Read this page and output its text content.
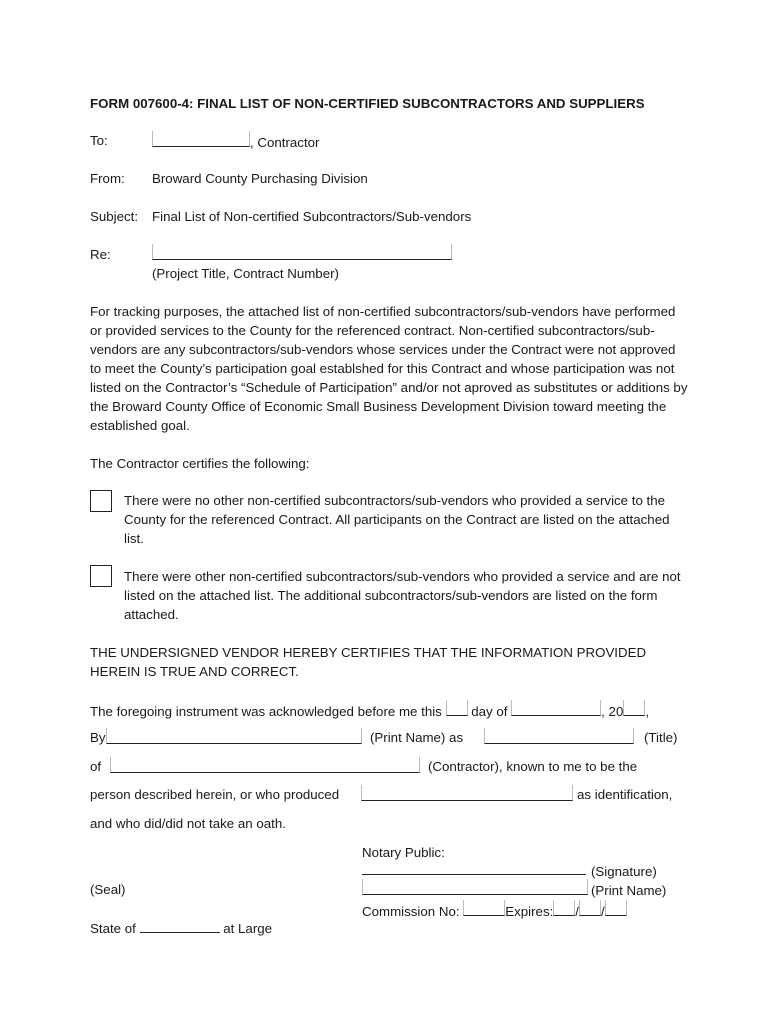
FORM 007600-4: FINAL LIST OF NON-CERTIFIED SUBCONTRACTORS AND SUPPLIERS
To:	, Contractor
From: Broward County Purchasing Division
Subject: Final List of Non-certified Subcontractors/Sub-vendors
Re:
(Project Title, Contract Number)
For tracking purposes, the attached list of non-certified subcontractors/sub-vendors have performed or provided services to the County for the referenced contract. Non-certified subcontractors/sub-vendors are any subcontractors/sub-vendors whose services under the Contract were not approved to meet the County’s participation goal establshed for this Contract and whose participation was not listed on the Contractor’s “Schedule of Participation” and/or not aproved as substitutes or additions by the Broward County Office of Economic Small Business Development Division toward meeting the established goal.
The Contractor certifies the following:
There were no other non-certified subcontractors/sub-vendors who provided a service to the County for the referenced Contract. All participants on the Contract are listed on the attached list.
There were other non-certified subcontractors/sub-vendors who provided a service and are not listed on the attached list. The additional subcontractors/sub-vendors are listed on the form attached.
THE UNDERSIGNED VENDOR HEREBY CERTIFIES THAT THE INFORMATION PROVIDED HEREIN IS TRUE AND CORRECT.
The foregoing instrument was acknowledged before me this day of	, 20 ,
By	(Print Name) as	(Title)
of	(Contractor), known to me to be the
person described herein, or who produced	as identification,
and who did/did not take an oath.
Notary Public:
(Signature)
(Seal)	(Print Name)
Commission No:	Expires: / /
State of	at Large
